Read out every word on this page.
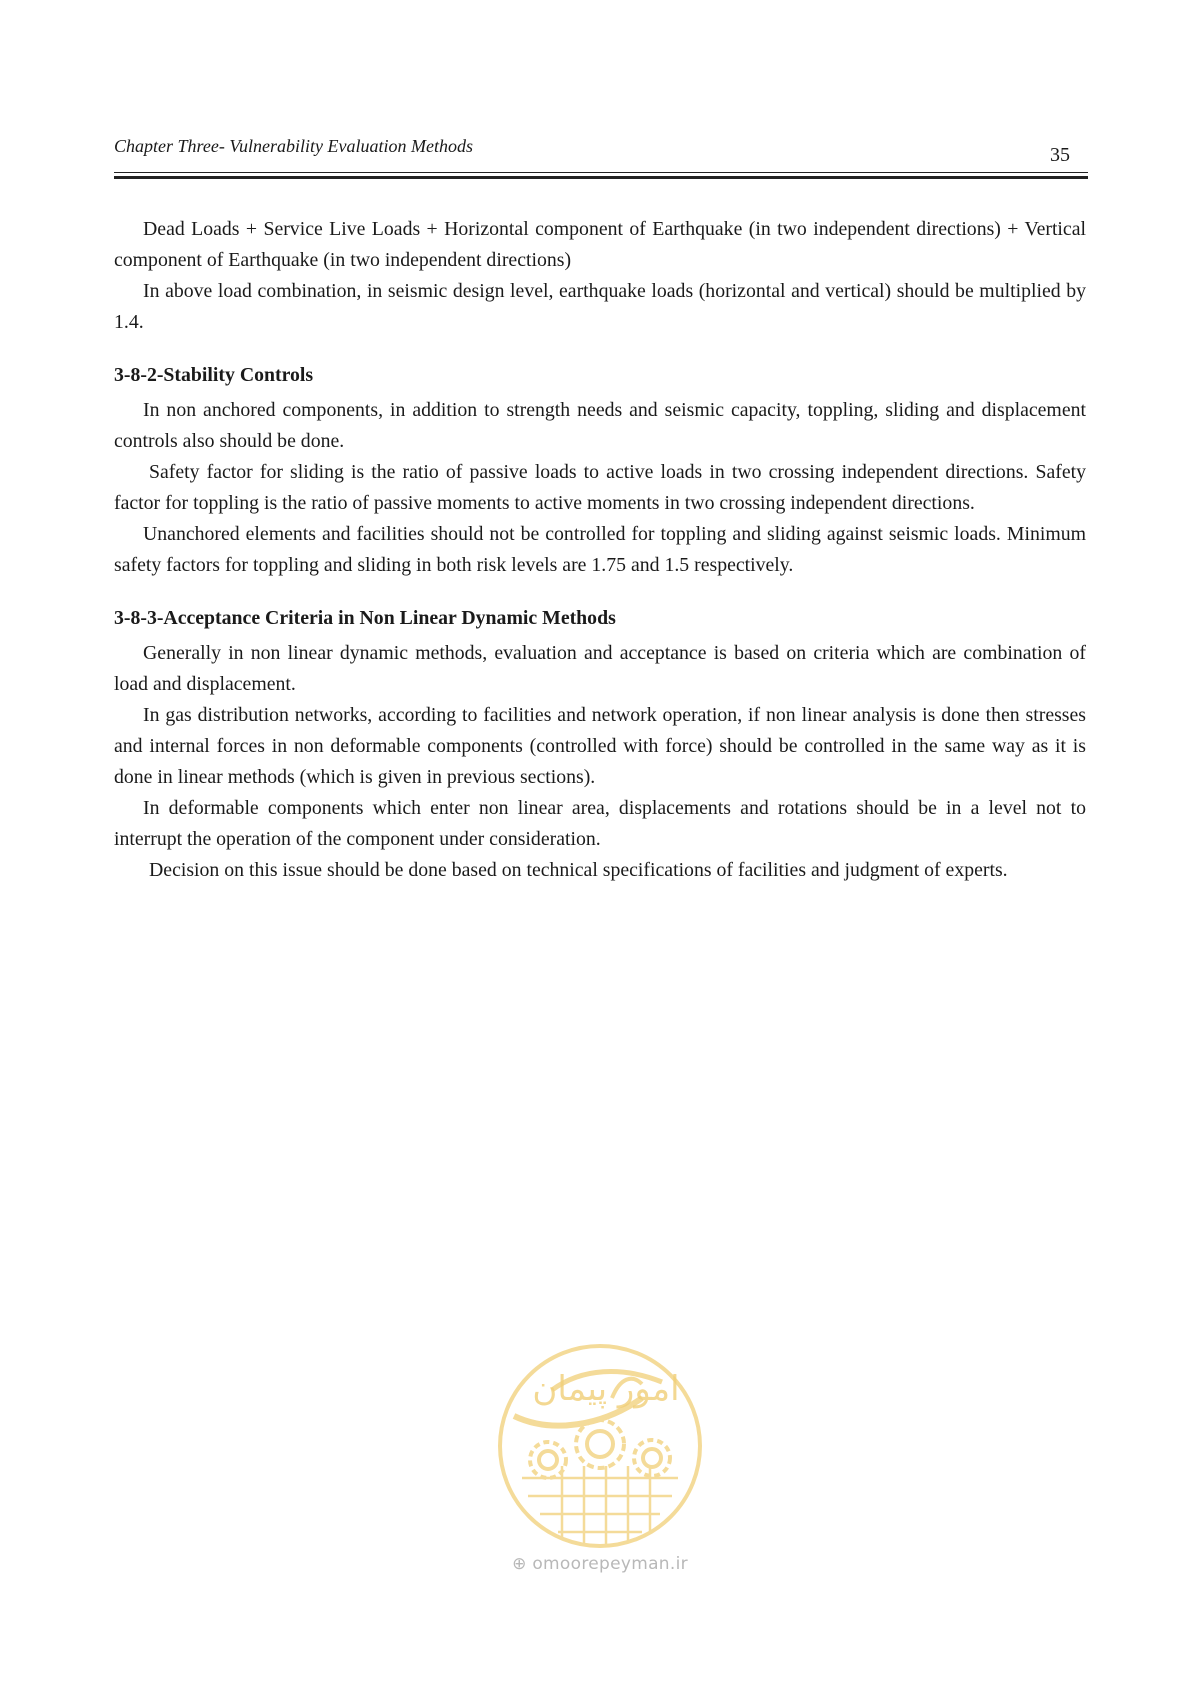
Chapter Three- Vulnerability Evaluation Methods	35

Dead Loads + Service Live Loads + Horizontal component of Earthquake (in two independent directions) + Vertical component of Earthquake (in two independent directions)

In above load combination, in seismic design level, earthquake loads (horizontal and vertical) should be multiplied by 1.4.

3-8-2-Stability Controls

In non anchored components, in addition to strength needs and seismic capacity, toppling, sliding and displacement controls also should be done.

Safety factor for sliding is the ratio of passive loads to active loads in two crossing independent directions. Safety factor for toppling is the ratio of passive moments to active moments in two crossing independent directions.

Unanchored elements and facilities should not be controlled for toppling and sliding against seismic loads. Minimum safety factors for toppling and sliding in both risk levels are 1.75 and 1.5 respectively.

3-8-3-Acceptance Criteria in Non Linear Dynamic Methods

Generally in non linear dynamic methods, evaluation and acceptance is based on criteria which are combination of load and displacement.

In gas distribution networks, according to facilities and network operation, if non linear analysis is done then stresses and internal forces in non deformable components (controlled with force) should be controlled in the same way as it is done in linear methods (which is given in previous sections).

In deformable components which enter non linear area, displacements and rotations should be in a level not to interrupt the operation of the component under consideration.

Decision on this issue should be done based on technical specifications of facilities and judgment of experts.

امور پیمان
⊕ omoorepeyman.ir
